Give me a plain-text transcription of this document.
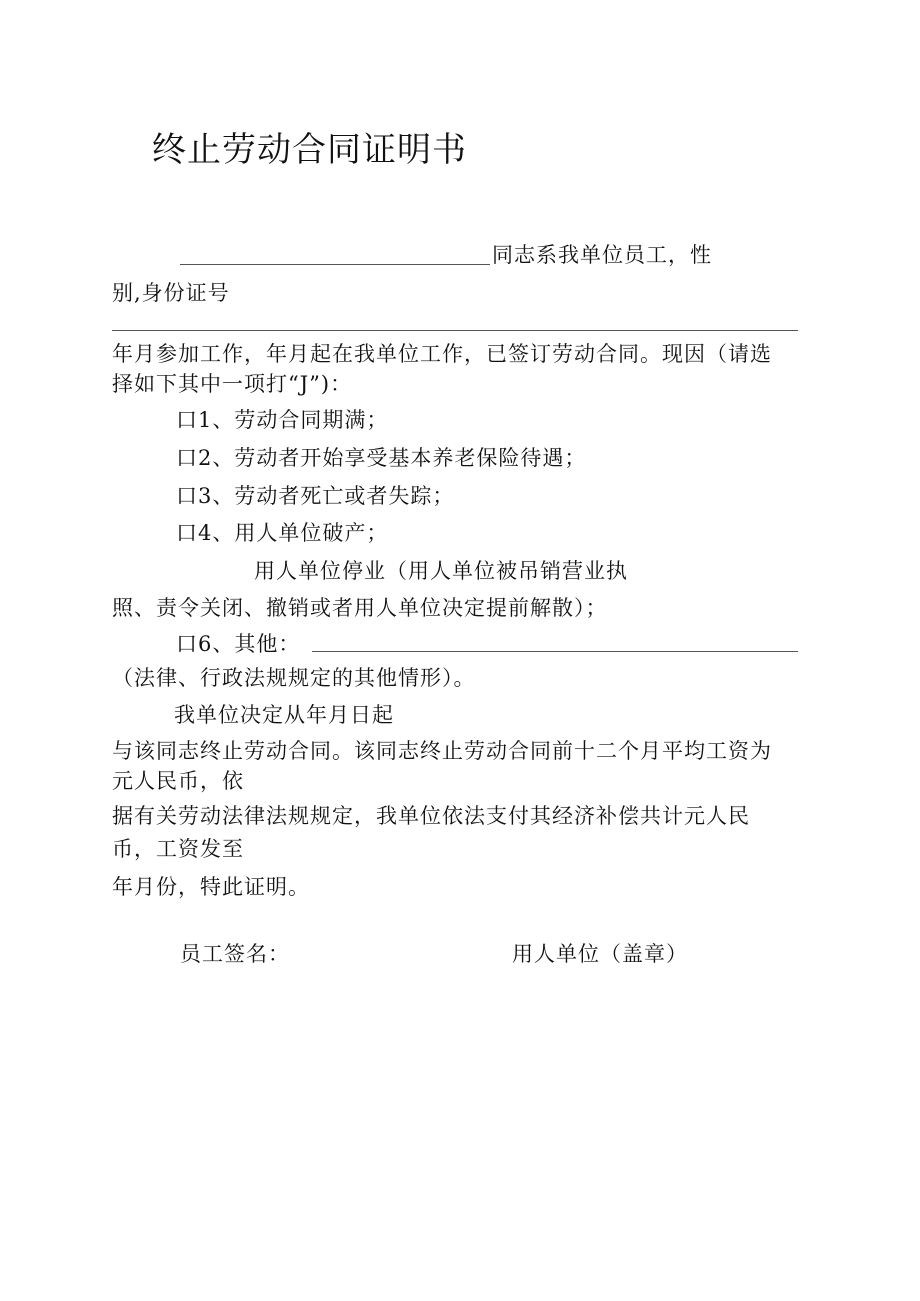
终止劳动合同证明书
同志系我单位员工，性
别,身份证号
年月参加工作，年月起在我单位工作，已签订劳动合同。现因（请选
择如下其中一项打“J”)：
口1、劳动合同期满；
口2、劳动者开始享受基本养老保险待遇；
口3、劳动者死亡或者失踪；
口4、用人单位破产；
用人单位停业（用人单位被吊销营业执
照、责令关闭、撤销或者用人单位决定提前解散）；
口6、其他：
（法律、行政法规规定的其他情形）。
我单位决定从年月日起
与该同志终止劳动合同。该同志终止劳动合同前十二个月平均工资为
元人民币，依
据有关劳动法律法规规定，我单位依法支付其经济补偿共计元人民
币，工资发至
年月份，特此证明。
员工签名：	用人单位（盖章）
